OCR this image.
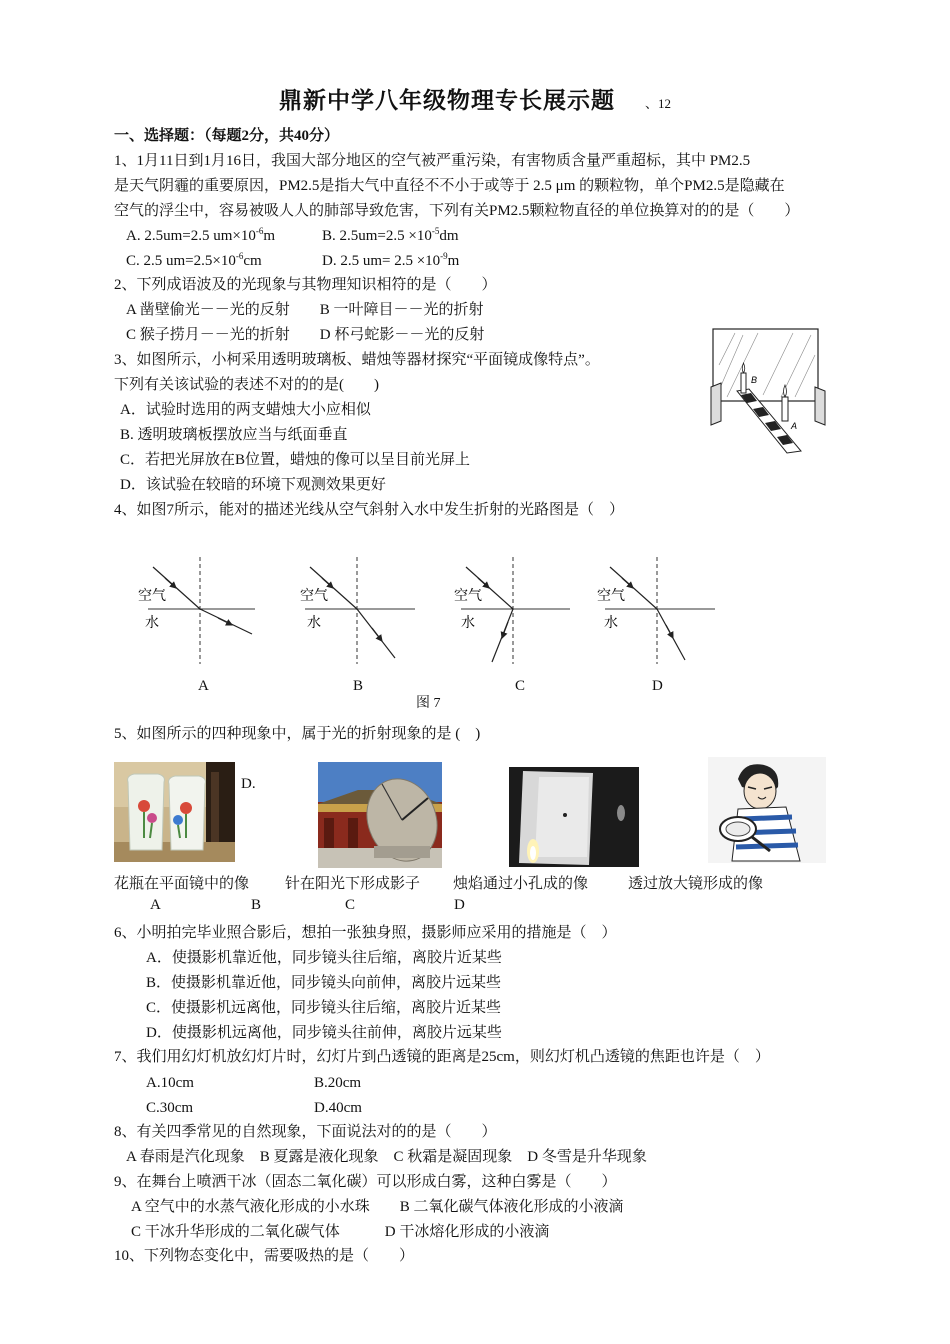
鼎新中学八年级物理专长展示题 、12
一、选择题：（每题2分，共40分）
1、1月11日到1月16日，我国大部分地区的空气被严重污染，有害物质含量严重超标，其中 PM2.5
是天气阴霾的重要原因，PM2.5是指大气中直径不不小于或等于 2.5 μm 的颗粒物，单个PM2.5是隐藏在
空气的浮尘中，容易被吸人人的肺部导致危害，下列有关PM2.5颗粒物直径的单位换算对的的是（　　）
A. 2.5um=2.5 $um\times 10^{-6}m$	B. $2.5um=2.5 \times 10^{-5}dm$
C. 2.5 $um=2.5\times 10^{-6}cm$	D. 2.5 $um= 2.5 \times 10^{-9}m$
2、下列成语波及的光现象与其物理知识相符的是（　　）
A 凿壁偷光－－光的反射　　B 一叶障目－－光的折射
C 猴子捞月－－光的折射　　D 杯弓蛇影－－光的反射
3、如图所示，小柯采用透明玻璃板、蜡烛等器材探究“平面镜成像特点”。
下列有关该试验的表述不对的的是(　　)
A．试验时选用的两支蜡烛大小应相似
B. 透明玻璃板摆放应当与纸面垂直
C．若把光屏放在B位置，蜡烛的像可以呈目前光屏上
D．该试验在较暗的环境下观测效果更好
B
A
4、如图7所示，能对的描述光线从空气斜射入水中发生折射的光路图是（　）
空气
水
空气
水
空气
水
空气
水
A	B	C	D
图 7
5、如图所示的四种现象中，属于光的折射现象的是 (　)
D.
花瓶在平面镜中的像 针在阳光下形成影子 烛焰通过小孔成的像	透过放大镜形成的像
A	B	C	D
6、小明拍完毕业照合影后，想拍一张独身照，摄影师应采用的措施是（　）
A．使摄影机靠近他，同步镜头往后缩，离胶片近某些
B．使摄影机靠近他，同步镜头向前伸，离胶片远某些
C．使摄影机远离他，同步镜头往后缩，离胶片近某些
D．使摄影机远离他，同步镜头往前伸，离胶片远某些
7、我们用幻灯机放幻灯片时，幻灯片到凸透镜的距离是25cm，则幻灯机凸透镜的焦距也许是（　）
A.10cm	B.20cm
C.30cm	D.40cm
8、有关四季常见的自然现象，下面说法对的的是（　　）
A 春雨是汽化现象　B 夏露是液化现象　C 秋霜是凝固现象　D 冬雪是升华现象
9、在舞台上喷洒干冰（固态二氧化碳）可以形成白雾，这种白雾是（　　）
A 空气中的水蒸气液化形成的小水珠　　B 二氧化碳气体液化形成的小液滴
C 干冰升华形成的二氧化碳气体　　　D 干冰熔化形成的小液滴
10、下列物态变化中，需要吸热的是（　　）
